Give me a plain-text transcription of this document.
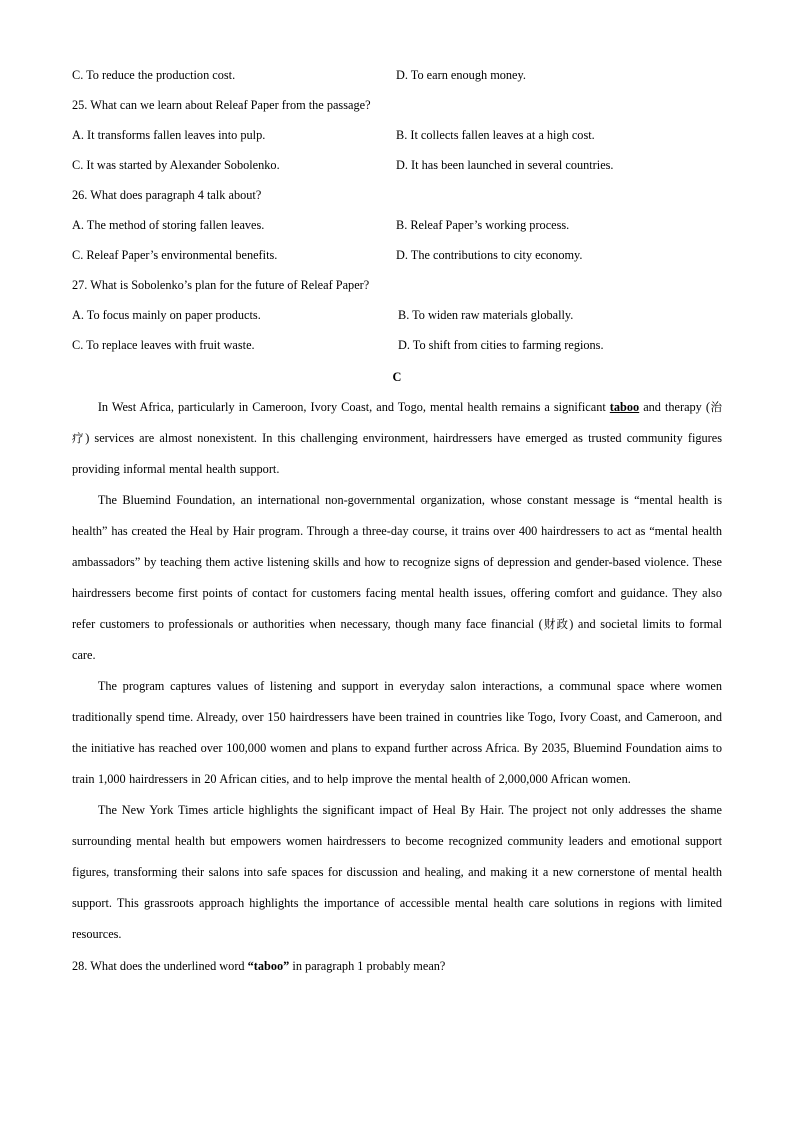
C. To reduce the production cost.	D. To earn enough money.
25. What can we learn about Releaf Paper from the passage?
A. It transforms fallen leaves into pulp.	B. It collects fallen leaves at a high cost.
C. It was started by Alexander Sobolenko.	D. It has been launched in several countries.
26. What does paragraph 4 talk about?
A. The method of storing fallen leaves.	B. Releaf Paper’s working process.
C. Releaf Paper’s environmental benefits.	D. The contributions to city economy.
27. What is Sobolenko’s plan for the future of Releaf Paper?
A. To focus mainly on paper products.	B. To widen raw materials globally.
C. To replace leaves with fruit waste.	D. To shift from cities to farming regions.
C

In West Africa, particularly in Cameroon, Ivory Coast, and Togo, mental health remains a significant taboo and therapy (治疗) services are almost nonexistent. In this challenging environment, hairdressers have emerged as trusted community figures providing informal mental health support.

The Bluemind Foundation, an international non-governmental organization, whose constant message is “mental health is health” has created the Heal by Hair program. Through a three-day course, it trains over 400 hairdressers to act as “mental health ambassadors” by teaching them active listening skills and how to recognize signs of depression and gender-based violence. These hairdressers become first points of contact for customers facing mental health issues, offering comfort and guidance. They also refer customers to professionals or authorities when necessary, though many face financial (财政) and societal limits to formal care.

The program captures values of listening and support in everyday salon interactions, a communal space where women traditionally spend time. Already, over 150 hairdressers have been trained in countries like Togo, Ivory Coast, and Cameroon, and the initiative has reached over 100,000 women and plans to expand further across Africa. By 2035, Bluemind Foundation aims to train 1,000 hairdressers in 20 African cities, and to help improve the mental health of 2,000,000 African women.

The New York Times article highlights the significant impact of Heal By Hair. The project not only addresses the shame surrounding mental health but empowers women hairdressers to become recognized community leaders and emotional support figures, transforming their salons into safe spaces for discussion and healing, and making it a new cornerstone of mental health support. This grassroots approach highlights the importance of accessible mental health care solutions in regions with limited resources.

28. What does the underlined word “taboo” in paragraph 1 probably mean?
